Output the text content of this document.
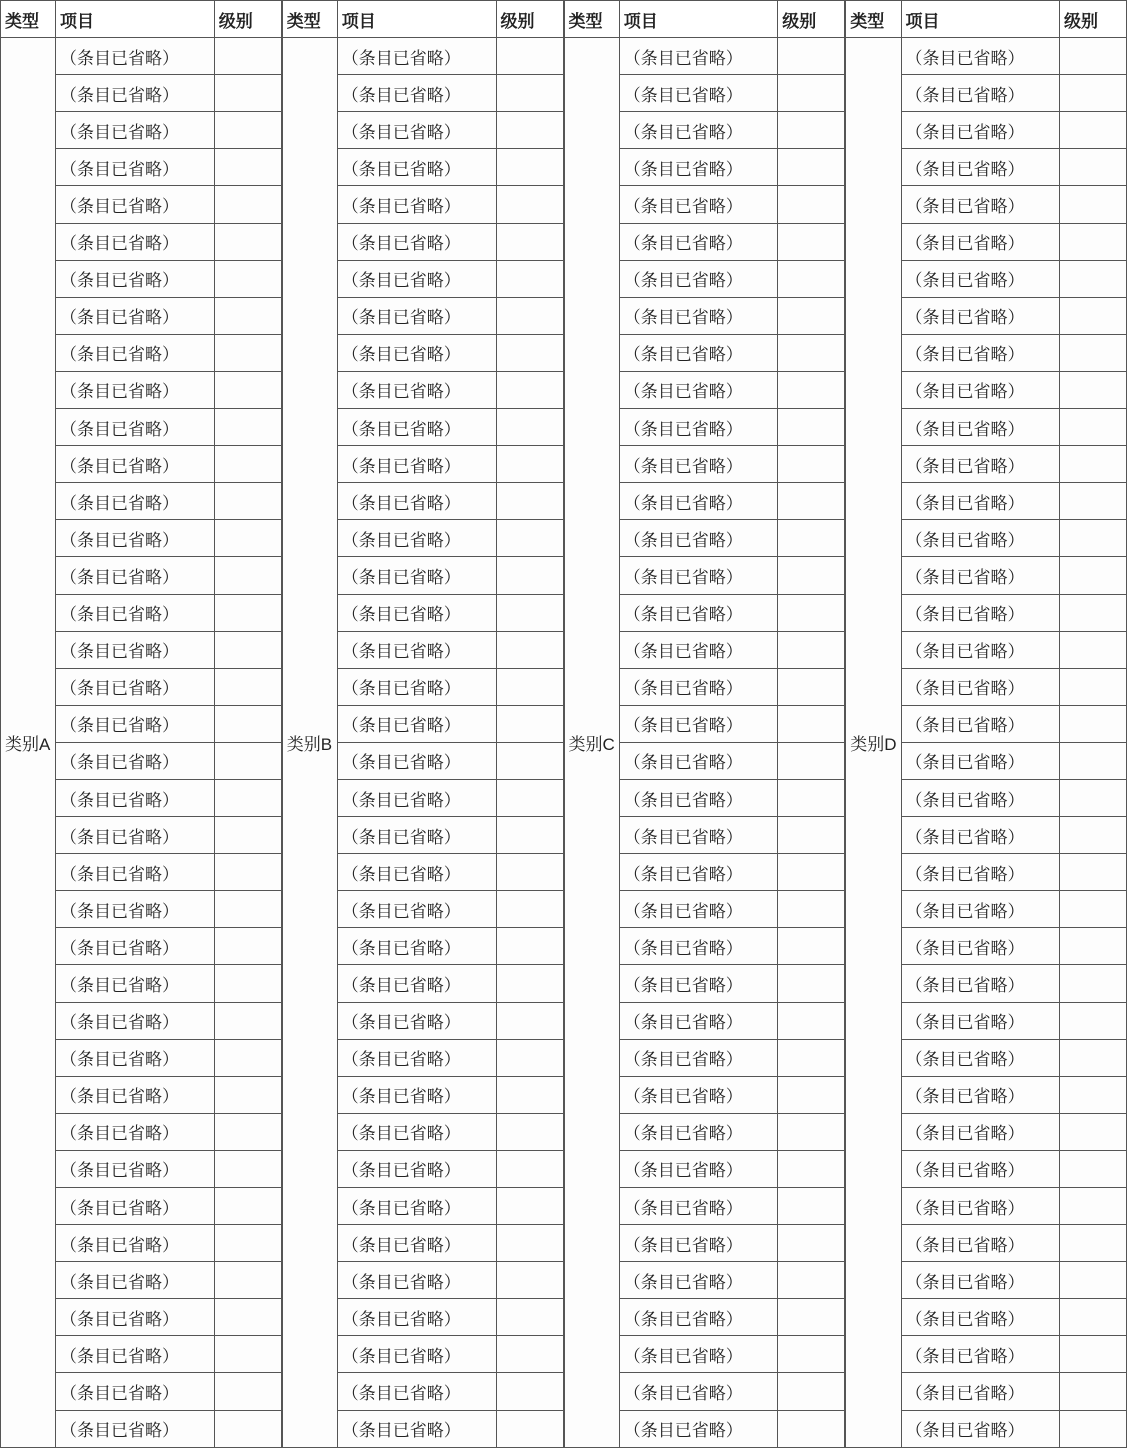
类型	项目	级别
类别A	（条目已省略）	
	（条目已省略）	
	（条目已省略）	
	（条目已省略）	
	（条目已省略）	
	（条目已省略）	
	（条目已省略）	
	（条目已省略）	
	（条目已省略）	
	（条目已省略）	
	（条目已省略）	
	（条目已省略）	
	（条目已省略）	
	（条目已省略）	
	（条目已省略）	
	（条目已省略）	
	（条目已省略）	
	（条目已省略）	
	（条目已省略）	
	（条目已省略）	
	（条目已省略）	
	（条目已省略）	
	（条目已省略）	
	（条目已省略）	
	（条目已省略）	
	（条目已省略）	
	（条目已省略）	
	（条目已省略）	
	（条目已省略）	
	（条目已省略）	
	（条目已省略）	
	（条目已省略）	
	（条目已省略）	
	（条目已省略）	
	（条目已省略）	
	（条目已省略）	
	（条目已省略）	
	（条目已省略）	
类型	项目	级别
类别B	（条目已省略）	
	（条目已省略）	
	（条目已省略）	
	（条目已省略）	
	（条目已省略）	
	（条目已省略）	
	（条目已省略）	
	（条目已省略）	
	（条目已省略）	
	（条目已省略）	
	（条目已省略）	
	（条目已省略）	
	（条目已省略）	
	（条目已省略）	
	（条目已省略）	
	（条目已省略）	
	（条目已省略）	
	（条目已省略）	
	（条目已省略）	
	（条目已省略）	
	（条目已省略）	
	（条目已省略）	
	（条目已省略）	
	（条目已省略）	
	（条目已省略）	
	（条目已省略）	
	（条目已省略）	
	（条目已省略）	
	（条目已省略）	
	（条目已省略）	
	（条目已省略）	
	（条目已省略）	
	（条目已省略）	
	（条目已省略）	
	（条目已省略）	
	（条目已省略）	
	（条目已省略）	
	（条目已省略）	
类型	项目	级别
类别C	（条目已省略）	
	（条目已省略）	
	（条目已省略）	
	（条目已省略）	
	（条目已省略）	
	（条目已省略）	
	（条目已省略）	
	（条目已省略）	
	（条目已省略）	
	（条目已省略）	
	（条目已省略）	
	（条目已省略）	
	（条目已省略）	
	（条目已省略）	
	（条目已省略）	
	（条目已省略）	
	（条目已省略）	
	（条目已省略）	
	（条目已省略）	
	（条目已省略）	
	（条目已省略）	
	（条目已省略）	
	（条目已省略）	
	（条目已省略）	
	（条目已省略）	
	（条目已省略）	
	（条目已省略）	
	（条目已省略）	
	（条目已省略）	
	（条目已省略）	
	（条目已省略）	
	（条目已省略）	
	（条目已省略）	
	（条目已省略）	
	（条目已省略）	
	（条目已省略）	
	（条目已省略）	
	（条目已省略）	
类型	项目	级别
类别D	（条目已省略）	
	（条目已省略）	
	（条目已省略）	
	（条目已省略）	
	（条目已省略）	
	（条目已省略）	
	（条目已省略）	
	（条目已省略）	
	（条目已省略）	
	（条目已省略）	
	（条目已省略）	
	（条目已省略）	
	（条目已省略）	
	（条目已省略）	
	（条目已省略）	
	（条目已省略）	
	（条目已省略）	
	（条目已省略）	
	（条目已省略）	
	（条目已省略）	
	（条目已省略）	
	（条目已省略）	
	（条目已省略）	
	（条目已省略）	
	（条目已省略）	
	（条目已省略）	
	（条目已省略）	
	（条目已省略）	
	（条目已省略）	
	（条目已省略）	
	（条目已省略）	
	（条目已省略）	
	（条目已省略）	
	（条目已省略）	
	（条目已省略）	
	（条目已省略）	
	（条目已省略）	
	（条目已省略）	
